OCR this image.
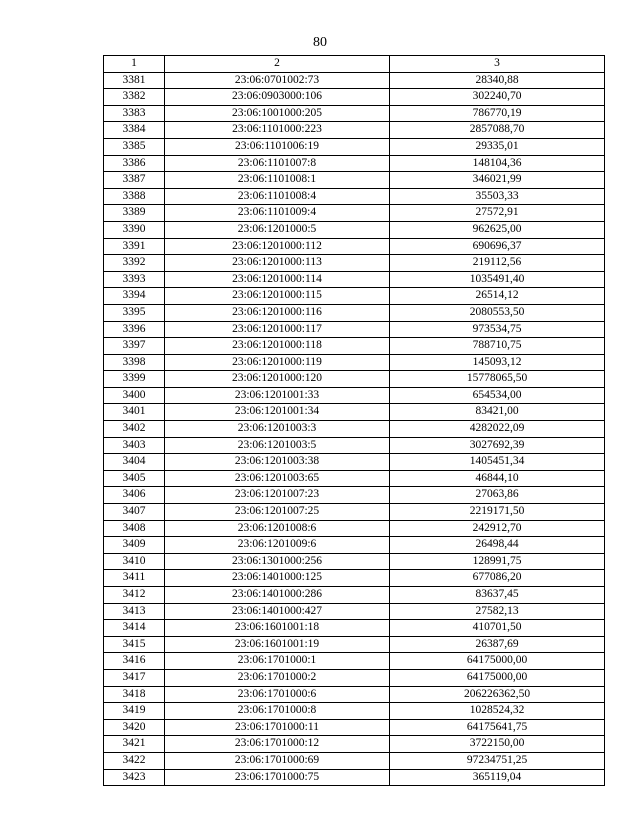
80
1	2	3
3381	23:06:0701002:73	28340,88
3382	23:06:0903000:106	302240,70
3383	23:06:1001000:205	786770,19
3384	23:06:1101000:223	2857088,70
3385	23:06:1101006:19	29335,01
3386	23:06:1101007:8	148104,36
3387	23:06:1101008:1	346021,99
3388	23:06:1101008:4	35503,33
3389	23:06:1101009:4	27572,91
3390	23:06:1201000:5	962625,00
3391	23:06:1201000:112	690696,37
3392	23:06:1201000:113	219112,56
3393	23:06:1201000:114	1035491,40
3394	23:06:1201000:115	26514,12
3395	23:06:1201000:116	2080553,50
3396	23:06:1201000:117	973534,75
3397	23:06:1201000:118	788710,75
3398	23:06:1201000:119	145093,12
3399	23:06:1201000:120	15778065,50
3400	23:06:1201001:33	654534,00
3401	23:06:1201001:34	83421,00
3402	23:06:1201003:3	4282022,09
3403	23:06:1201003:5	3027692,39
3404	23:06:1201003:38	1405451,34
3405	23:06:1201003:65	46844,10
3406	23:06:1201007:23	27063,86
3407	23:06:1201007:25	2219171,50
3408	23:06:1201008:6	242912,70
3409	23:06:1201009:6	26498,44
3410	23:06:1301000:256	128991,75
3411	23:06:1401000:125	677086,20
3412	23:06:1401000:286	83637,45
3413	23:06:1401000:427	27582,13
3414	23:06:1601001:18	410701,50
3415	23:06:1601001:19	26387,69
3416	23:06:1701000:1	64175000,00
3417	23:06:1701000:2	64175000,00
3418	23:06:1701000:6	206226362,50
3419	23:06:1701000:8	1028524,32
3420	23:06:1701000:11	64175641,75
3421	23:06:1701000:12	3722150,00
3422	23:06:1701000:69	97234751,25
3423	23:06:1701000:75	365119,04
